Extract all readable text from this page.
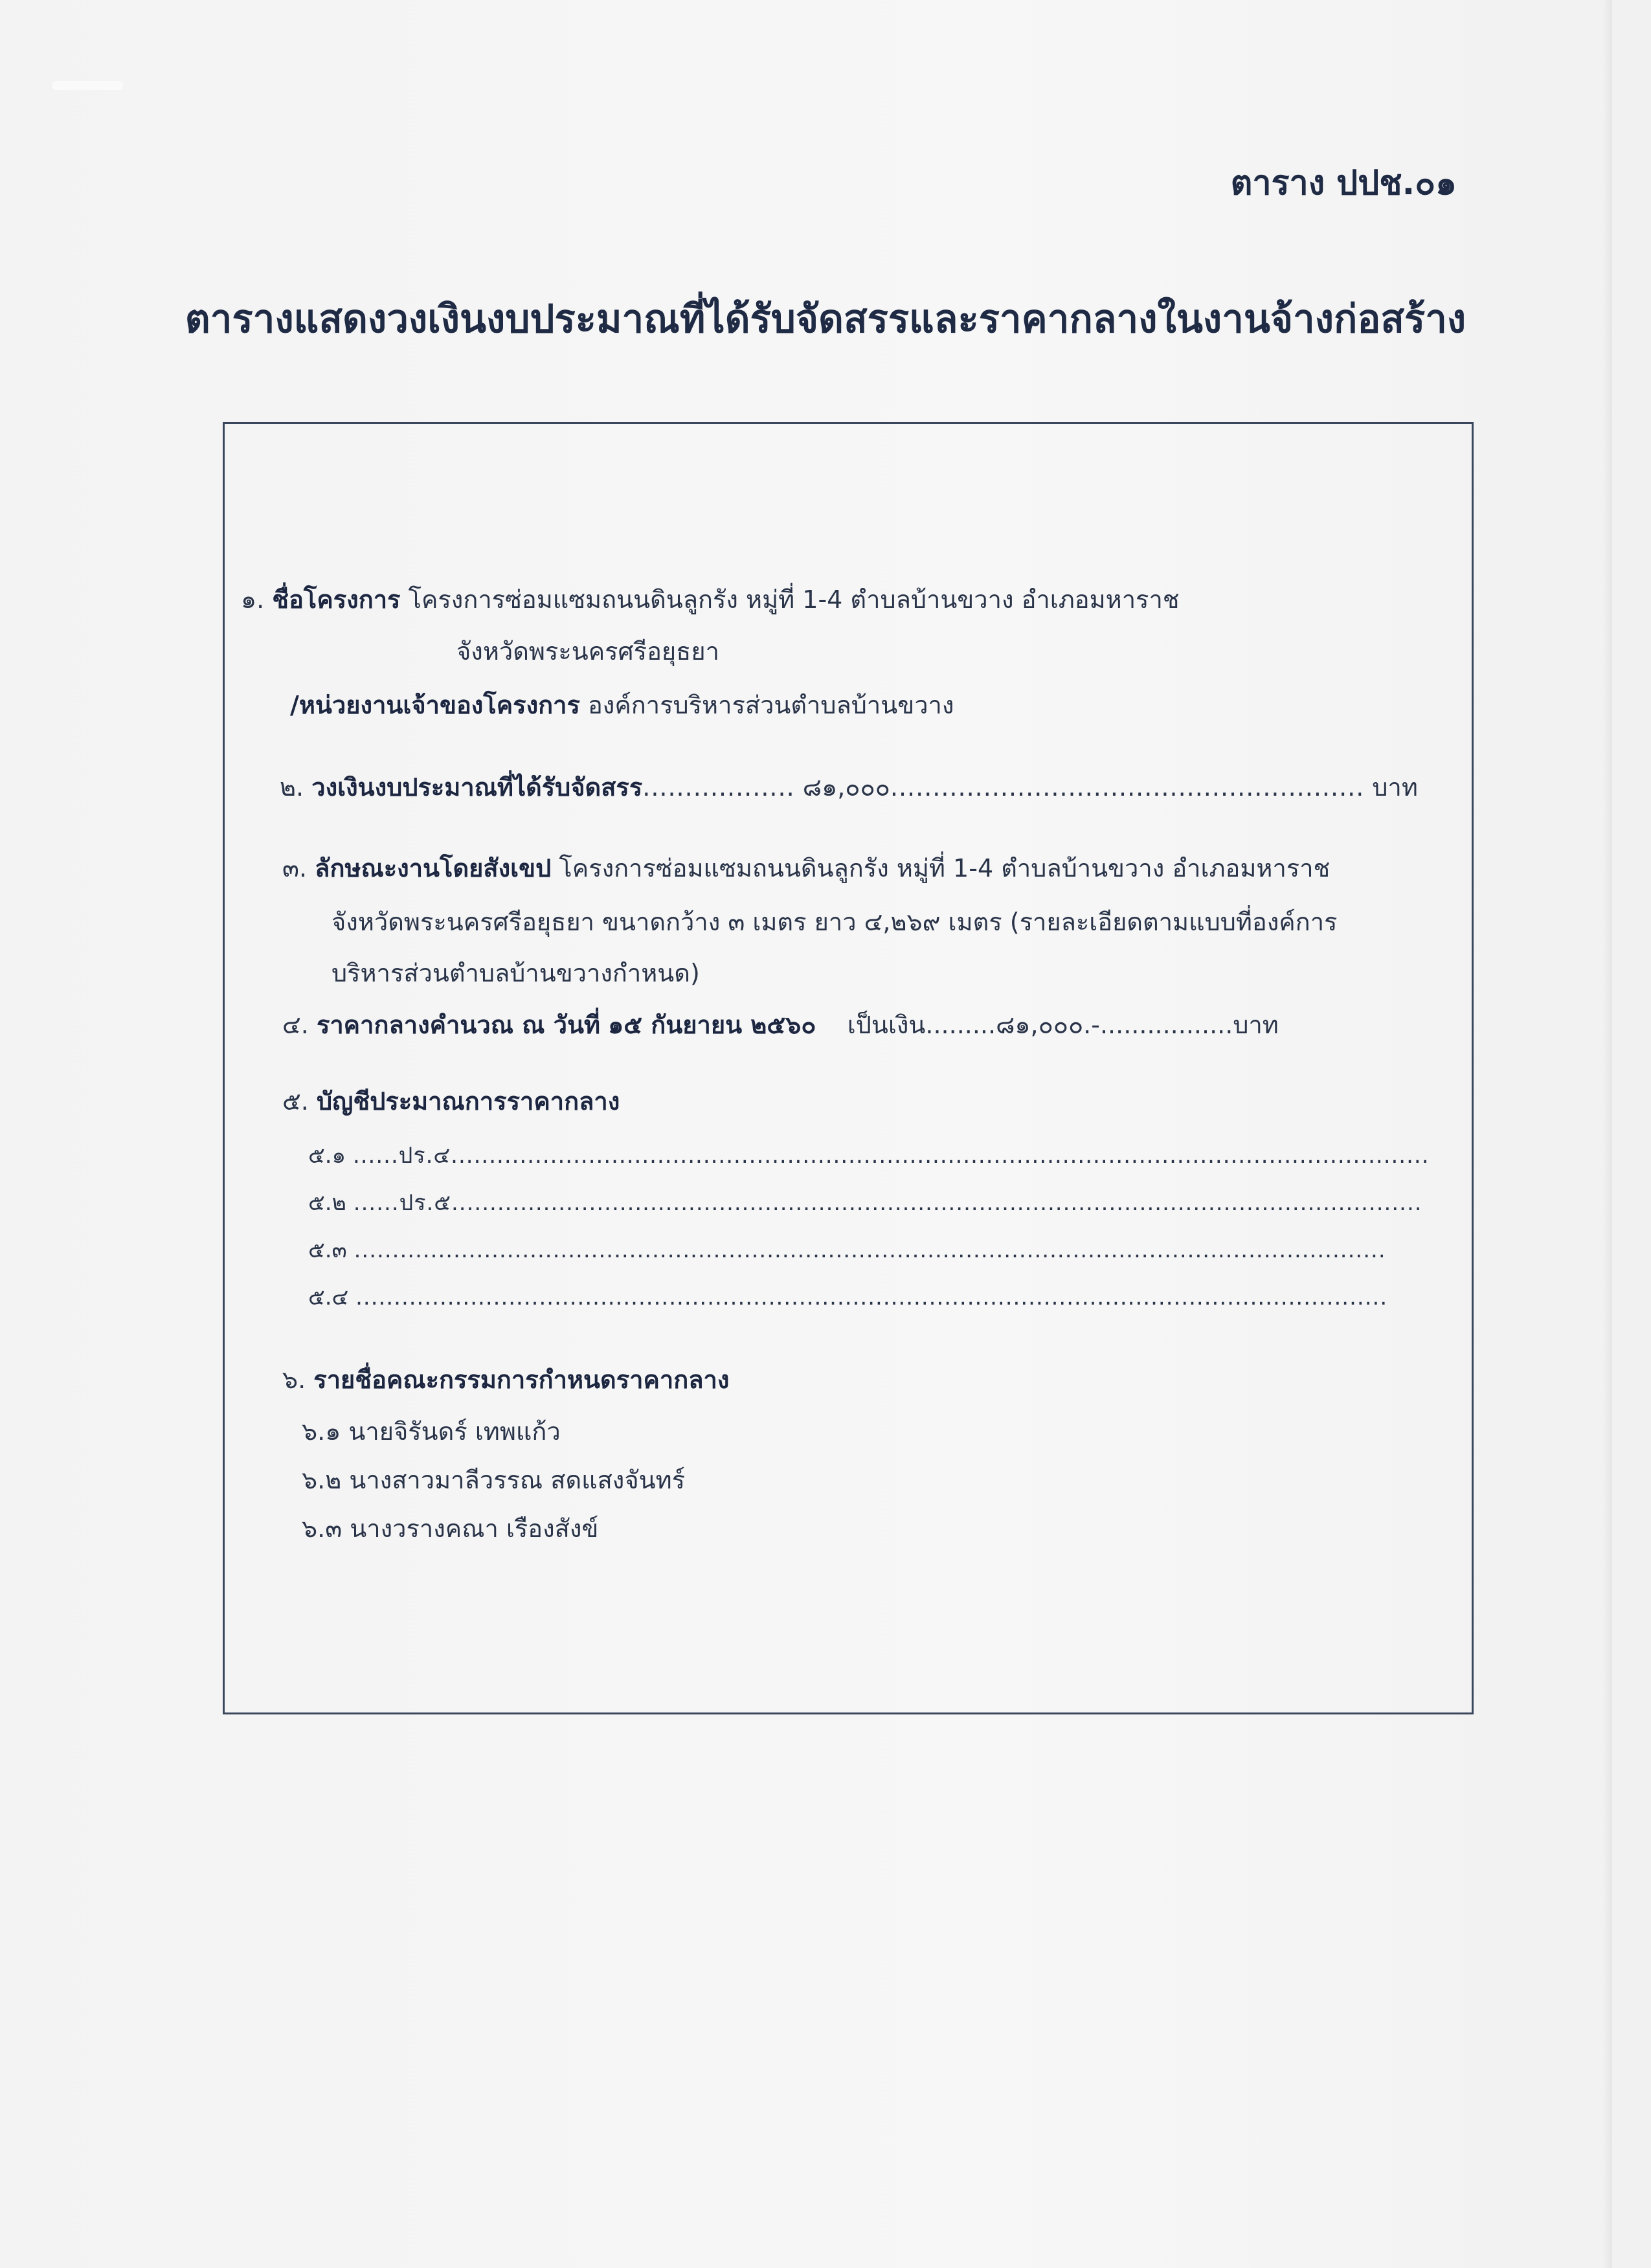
ตาราง ปปช.๐๑
ตารางแสดงวงเงินงบประมาณที่ได้รับจัดสรรและราคากลางในงานจ้างก่อสร้าง
๑. ชื่อโครงการ โครงการซ่อมแซมถนนดินลูกรัง หมู่ที่ 1-4 ตำบลบ้านขวาง อำเภอมหาราช
จังหวัดพระนครศรีอยุธยา
/หน่วยงานเจ้าของโครงการ องค์การบริหารส่วนตำบลบ้านขวาง
๒. วงเงินงบประมาณที่ได้รับจัดสรร.................. ๘๑,๐๐๐........................................................ บาท
๓. ลักษณะงานโดยสังเขป โครงการซ่อมแซมถนนดินลูกรัง หมู่ที่ 1-4 ตำบลบ้านขวาง อำเภอมหาราช
จังหวัดพระนครศรีอยุธยา ขนาดกว้าง ๓ เมตร ยาว ๔,๒๖๙ เมตร (รายละเอียดตามแบบที่องค์การ
บริหารส่วนตำบลบ้านขวางกำหนด)
๔. ราคากลางคำนวณ ณ วันที่ ๑๕ กันยายน ๒๕๖๐ เป็นเงิน.........๘๑,๐๐๐.-.................บาท
๕. บัญชีประมาณการราคากลาง
๕.๑ ......ปร.๔................................................................................................................................
๕.๒ ......ปร.๕...............................................................................................................................
๕.๓ .......................................................................................................................................
๕.๔ .......................................................................................................................................
๖. รายชื่อคณะกรรมการกำหนดราคากลาง
๖.๑ นายจิรันดร์ เทพแก้ว
๖.๒ นางสาวมาลีวรรณ สดแสงจันทร์
๖.๓ นางวรางคณา เรืองสังข์
